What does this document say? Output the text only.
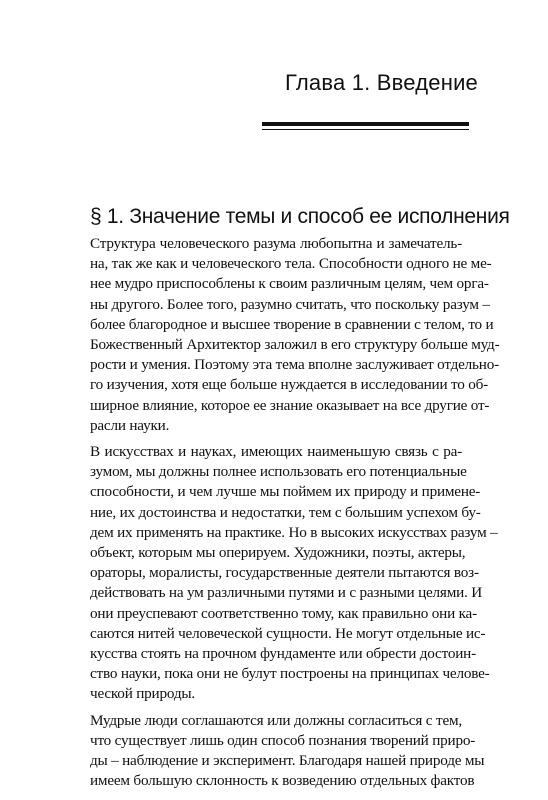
Глава 1. Введение
§ 1. Значение темы и способ ее исполнения
Структура человеческого разума любопытна и замечатель-
на, так же как и человеческого тела. Способности одного не ме-
нее мудро приспособлены к своим различным целям, чем орга-
ны другого. Более того, разумно считать, что поскольку разум –
более благородное и высшее творение в сравнении с телом, то и
Божественный Архитектор заложил в его структуру больше муд-
рости и умения. Поэтому эта тема вполне заслуживает отдельно-
го изучения, хотя еще больше нуждается в исследовании то об-
ширное влияние, которое ее знание оказывает на все другие от-
расли науки.
В искусствах и науках, имеющих наименьшую связь с ра-
зумом, мы должны полнее использовать его потенциальные
способности, и чем лучше мы поймем их природу и примене-
ние, их достоинства и недостатки, тем с большим успехом бу-
дем их применять на практике. Но в высоких искусствах разум –
объект, которым мы оперируем. Художники, поэты, актеры,
ораторы, моралисты, государственные деятели пытаются воз-
действовать на ум различными путями и с разными целями. И
они преуспевают соответственно тому, как правильно они ка-
саются нитей человеческой сущности. Не могут отдельные ис-
кусства стоять на прочном фундаменте или обрести достоин-
ство науки, пока они не булут построены на принципах челове-
ческой природы.
Мудрые люди соглашаются или должны согласиться с тем,
что существует лишь один способ познания творений приро-
ды – наблюдение и эксперимент. Благодаря нашей природе мы
имеем большую склонность к возведению отдельных фактов
